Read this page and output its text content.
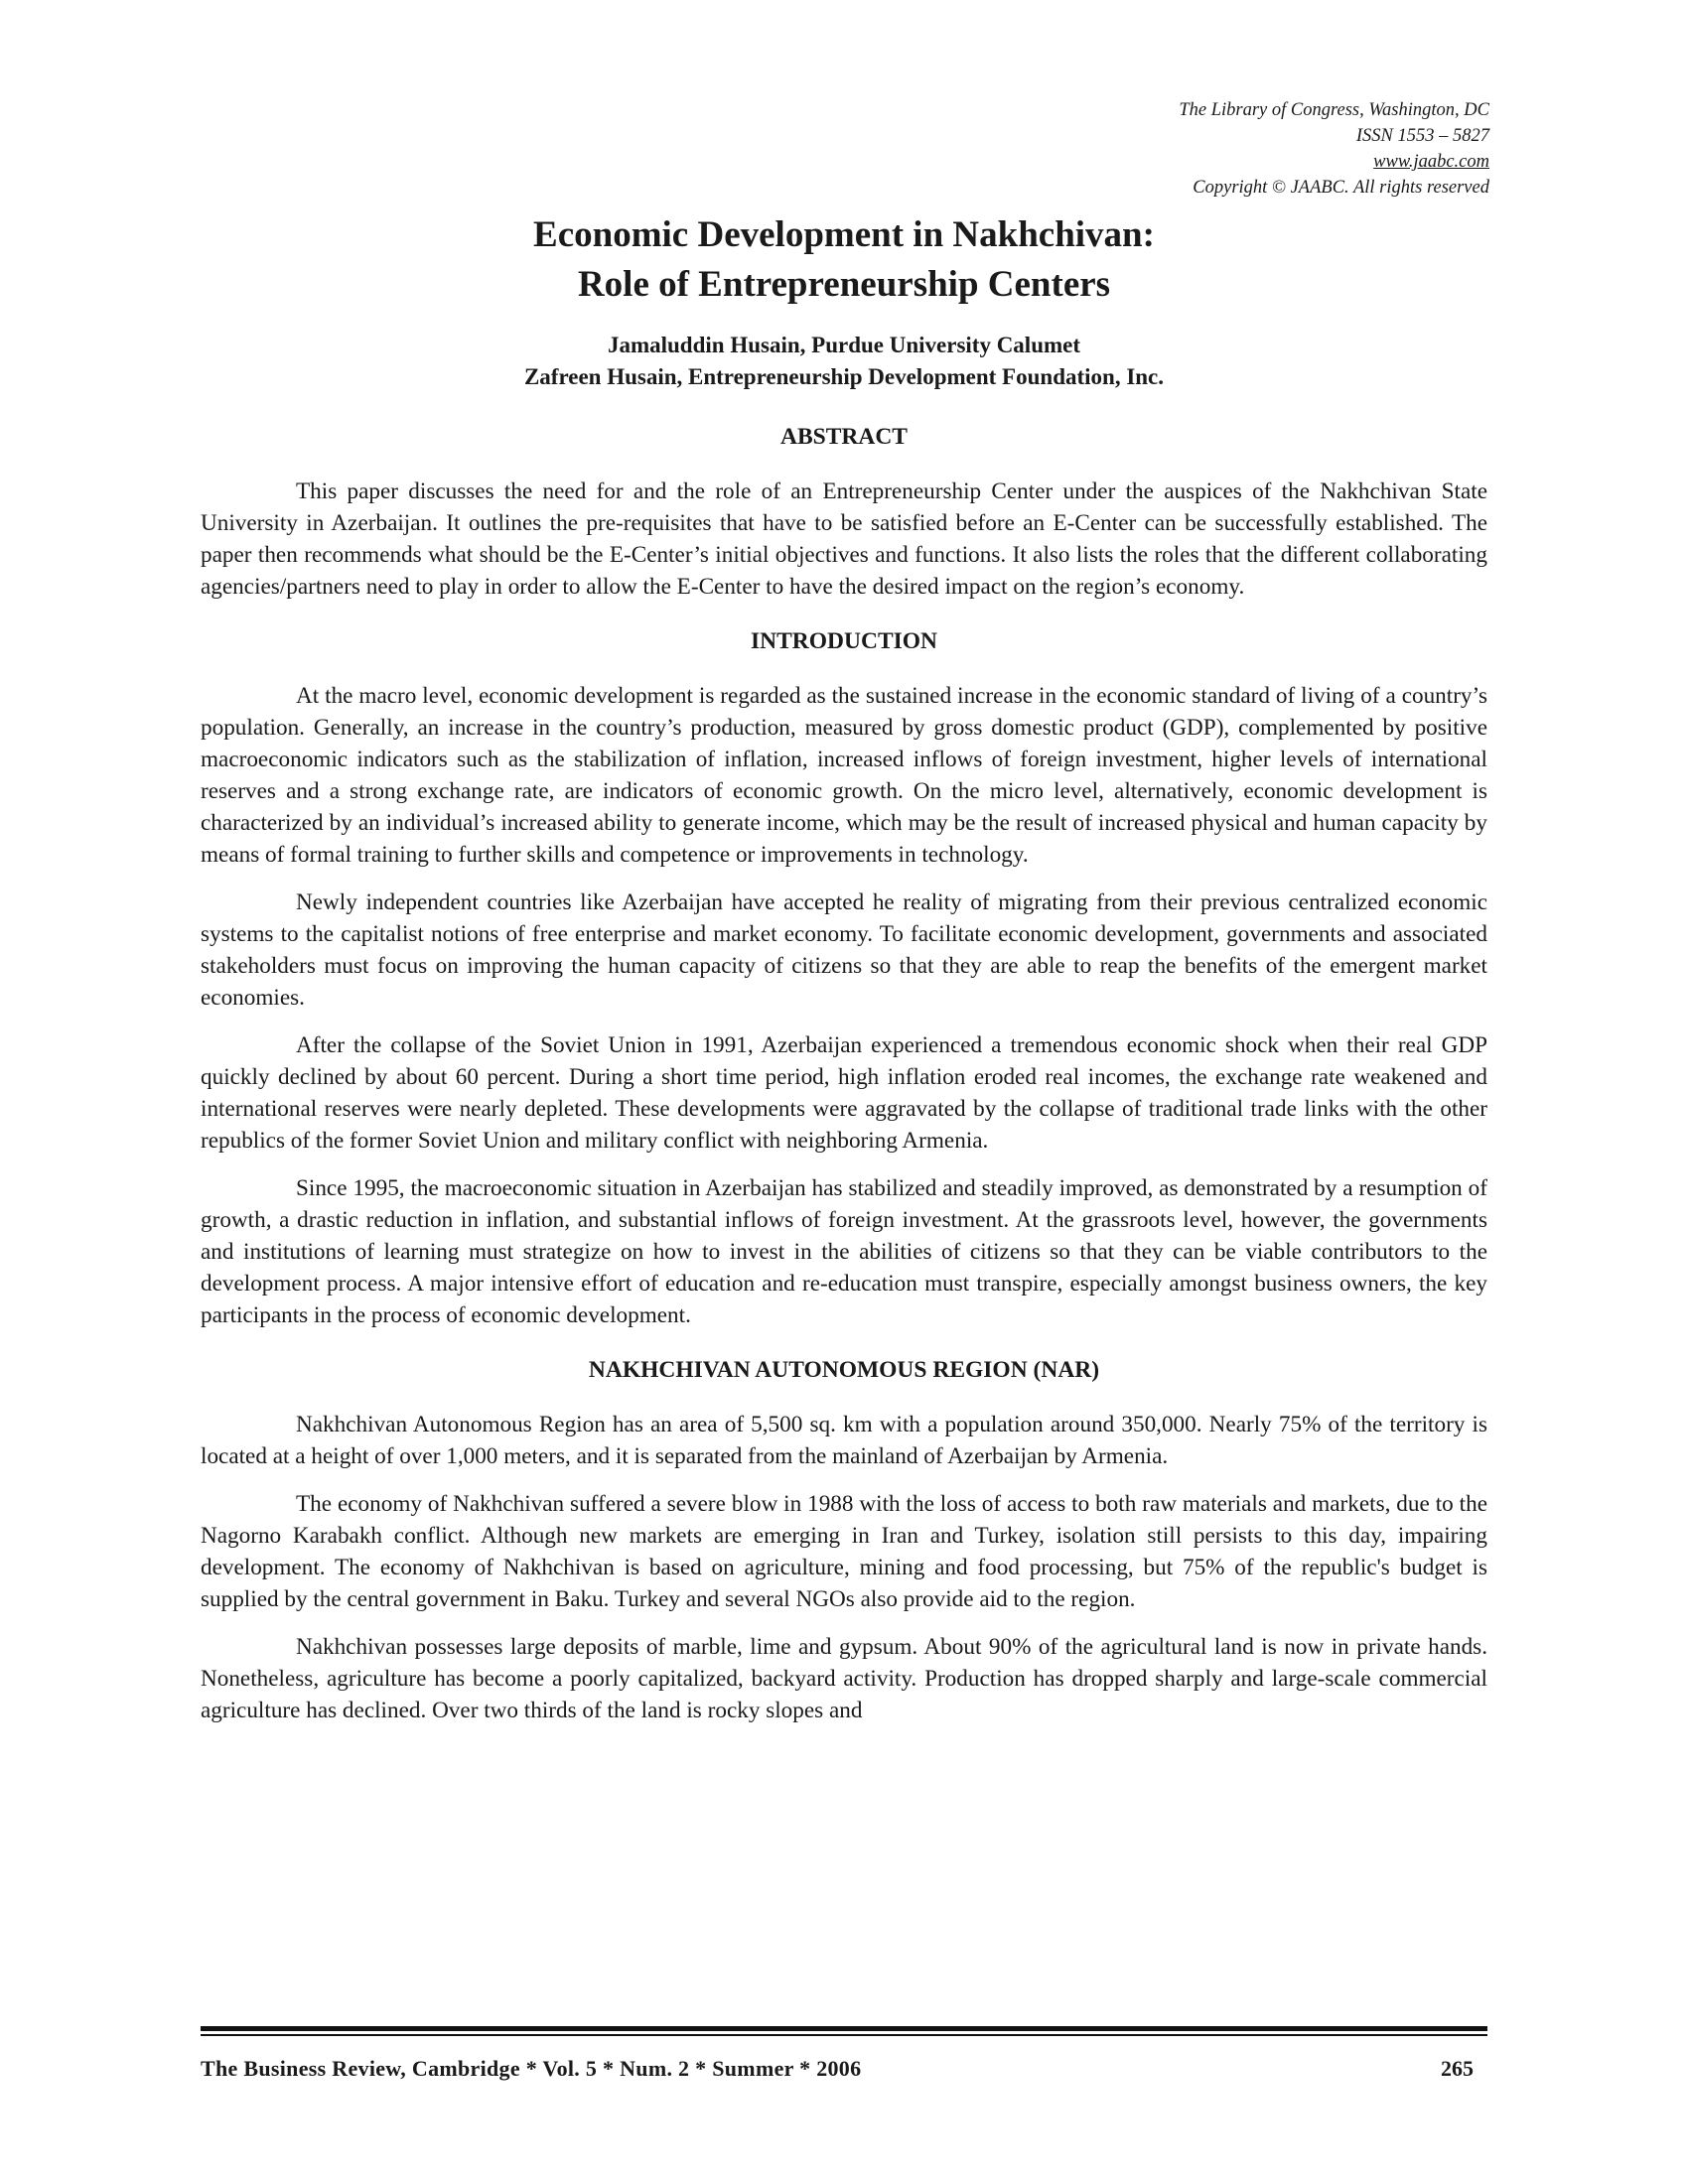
The Library of Congress, Washington, DC
ISSN 1553 – 5827
www.jaabc.com
Copyright © JAABC. All rights reserved
Economic Development in Nakhchivan:
Role of Entrepreneurship Centers
Jamaluddin Husain, Purdue University Calumet
Zafreen Husain, Entrepreneurship Development Foundation, Inc.
ABSTRACT

This paper discusses the need for and the role of an Entrepreneurship Center under the auspices of the Nakhchivan State University in Azerbaijan. It outlines the pre-requisites that have to be satisfied before an E-Center can be successfully established. The paper then recommends what should be the E-Center’s initial objectives and functions. It also lists the roles that the different collaborating agencies/partners need to play in order to allow the E-Center to have the desired impact on the region’s economy.

INTRODUCTION

At the macro level, economic development is regarded as the sustained increase in the economic standard of living of a country’s population. Generally, an increase in the country’s production, measured by gross domestic product (GDP), complemented by positive macroeconomic indicators such as the stabilization of inflation, increased inflows of foreign investment, higher levels of international reserves and a strong exchange rate, are indicators of economic growth. On the micro level, alternatively, economic development is characterized by an individual’s increased ability to generate income, which may be the result of increased physical and human capacity by means of formal training to further skills and competence or improvements in technology.

Newly independent countries like Azerbaijan have accepted he reality of migrating from their previous centralized economic systems to the capitalist notions of free enterprise and market economy. To facilitate economic development, governments and associated stakeholders must focus on improving the human capacity of citizens so that they are able to reap the benefits of the emergent market economies.

After the collapse of the Soviet Union in 1991, Azerbaijan experienced a tremendous economic shock when their real GDP quickly declined by about 60 percent. During a short time period, high inflation eroded real incomes, the exchange rate weakened and international reserves were nearly depleted. These developments were aggravated by the collapse of traditional trade links with the other republics of the former Soviet Union and military conflict with neighboring Armenia.

Since 1995, the macroeconomic situation in Azerbaijan has stabilized and steadily improved, as demonstrated by a resumption of growth, a drastic reduction in inflation, and substantial inflows of foreign investment. At the grassroots level, however, the governments and institutions of learning must strategize on how to invest in the abilities of citizens so that they can be viable contributors to the development process. A major intensive effort of education and re-education must transpire, especially amongst business owners, the key participants in the process of economic development.

NAKHCHIVAN AUTONOMOUS REGION (NAR)

Nakhchivan Autonomous Region has an area of 5,500 sq. km with a population around 350,000. Nearly 75% of the territory is located at a height of over 1,000 meters, and it is separated from the mainland of Azerbaijan by Armenia.

The economy of Nakhchivan suffered a severe blow in 1988 with the loss of access to both raw materials and markets, due to the Nagorno Karabakh conflict. Although new markets are emerging in Iran and Turkey, isolation still persists to this day, impairing development. The economy of Nakhchivan is based on agriculture, mining and food processing, but 75% of the republic's budget is supplied by the central government in Baku. Turkey and several NGOs also provide aid to the region.

Nakhchivan possesses large deposits of marble, lime and gypsum. About 90% of the agricultural land is now in private hands. Nonetheless, agriculture has become a poorly capitalized, backyard activity. Production has dropped sharply and large-scale commercial agriculture has declined. Over two thirds of the land is rocky slopes and

The Business Review, Cambridge * Vol. 5 * Num. 2 * Summer * 2006	265
